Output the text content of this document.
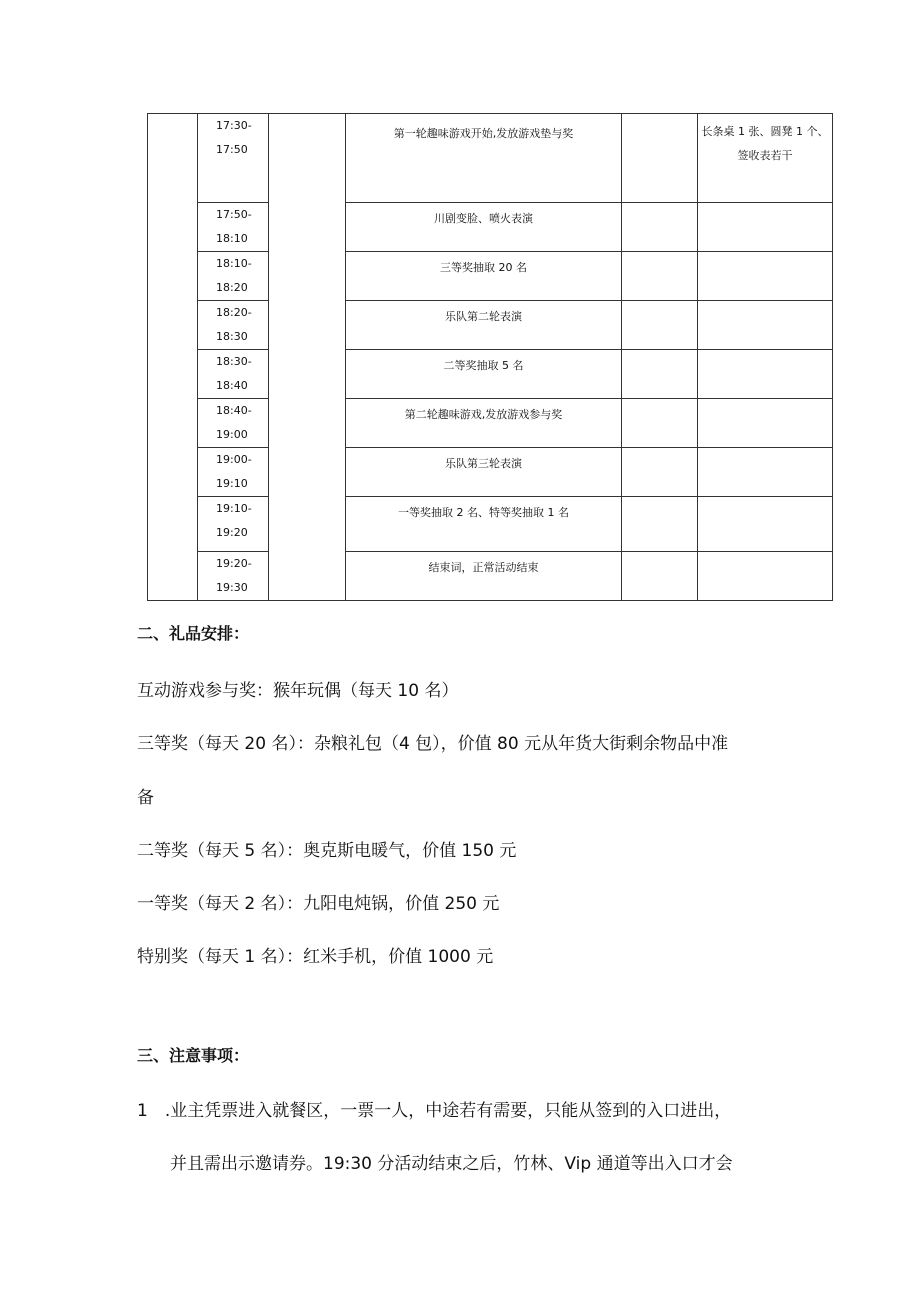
	17:30-
17:50		第一轮趣味游戏开始,发放游戏垫与奖		长条桌 1 张、圆凳 1 个、签收表若干

	17:50-
18:10		川剧变脸、喷火表演		

	18:10-
18:20		三等奖抽取 20 名		

	18:20-
18:30		乐队第二轮表演		

	18:30-
18:40		二等奖抽取 5 名		

	18:40-
19:00		第二轮趣味游戏,发放游戏参与奖		

	19:00-
19:10		乐队第三轮表演		

	19:10-
19:20		一等奖抽取 2 名、特等奖抽取 1 名		

	19:20-
19:30		结束词，正常活动结束		
二、礼品安排：
互动游戏参与奖：猴年玩偶（每天 10 名）
三等奖（每天 20 名）：杂粮礼包（4 包），价值 80 元从年货大街剩余物品中准
备
二等奖（每天 5 名）：奥克斯电暖气，价值 150 元
一等奖（每天 2 名）：九阳电炖锅，价值 250 元
特别奖（每天 1 名）：红米手机，价值 1000 元
三、注意事项：
1　.业主凭票进入就餐区，一票一人，中途若有需要，只能从签到的入口进出，
并且需出示邀请券。19:30 分活动结束之后，竹林、Vip 通道等出入口才会
